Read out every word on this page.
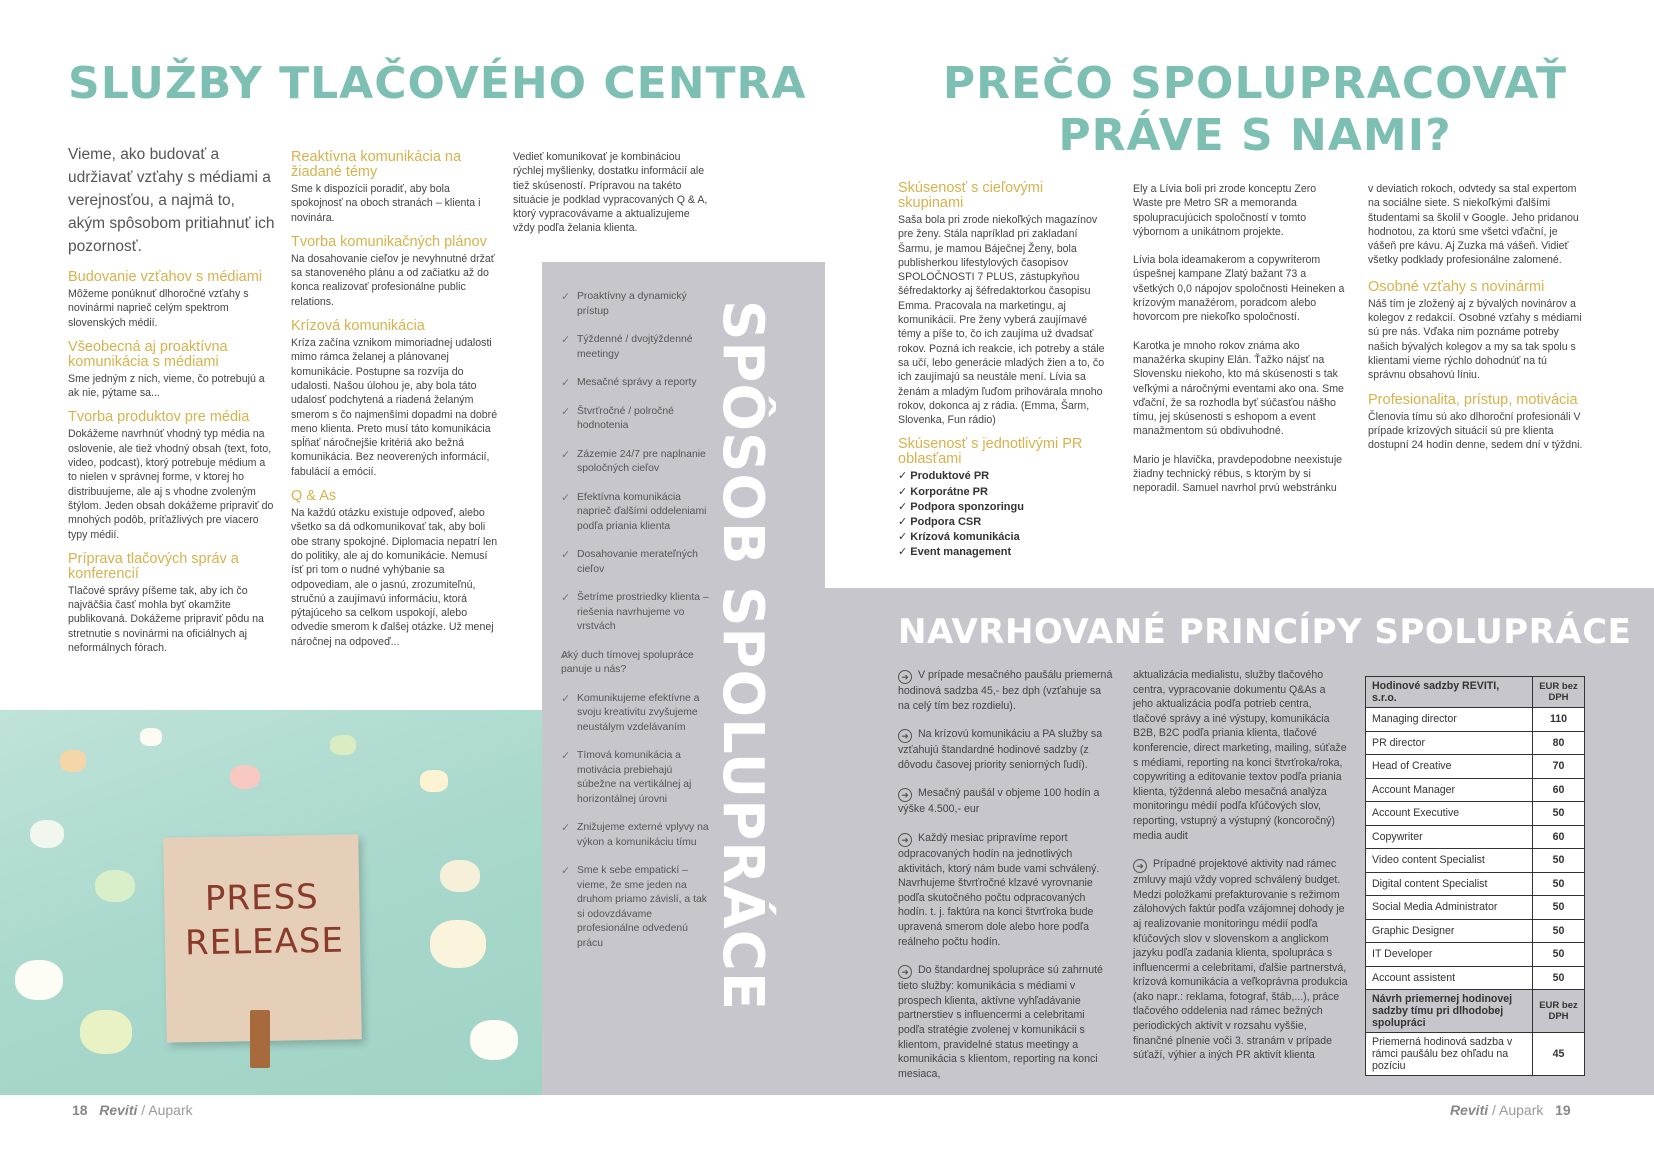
SLUŽBY TLAČOVÉHO CENTRA
Vieme, ako budovať a udržiavať vzťahy s médiami a verejnosťou, a najmä to, akým spôsobom pritiahnuť ich pozornosť.
Budovanie vzťahov s médiami

Môžeme ponúknuť dlhoročné vzťahy s novinármi naprieč celým spektrom slovenských médií.

Všeobecná aj proaktívna komunikácia s médiami

Sme jedným z nich, vieme, čo potrebujú a ak nie, pýtame sa...

Tvorba produktov pre média

Dokážeme navrhnúť vhodný typ média na oslovenie, ale tiež vhodný obsah (text, foto, video, podcast), ktorý potrebuje médium a to nielen v správnej forme, v ktorej ho distribuujeme, ale aj s vhodne zvoleným štýlom. Jeden obsah dokážeme pripraviť do mnohých podôb, príťažlivých pre viacero typy médií.

Príprava tlačových správ a konferencií

Tlačové správy píšeme tak, aby ich čo najväčšia časť mohla byť okamžite publikovaná. Dokážeme pripraviť pôdu na stretnutie s novinármi na oficiálnych aj neformálnych fórach.

Reaktívna komunikácia na žiadané témy

Sme k dispozícii poradiť, aby bola spokojnosť na oboch stranách – klienta i novinára.

Tvorba komunikačných plánov

Na dosahovanie cieľov je nevyhnutné držať sa stanoveného plánu a od začiatku až do konca realizovať profesionálne public relations.

Krízová komunikácia

Kríza začína vznikom mimoriadnej udalosti mimo rámca želanej a plánovanej komunikácie. Postupne sa rozvíja do udalosti. Našou úlohou je, aby bola táto udalosť podchytená a riadená želaným smerom s čo najmenšími dopadmi na dobré meno klienta. Preto musí táto komunikácia spĺňať náročnejšie kritériá ako bežná komunikácia. Bez neoverených informácií, fabulácií a emócií.

Q & As

Na každú otázku existuje odpoveď, alebo všetko sa dá odkomunikovať tak, aby boli obe strany spokojné. Diplomacia nepatrí len do politiky, ale aj do komunikácie. Nemusí ísť pri tom o nudné vyhýbanie sa odpovediam, ale o jasnú, zrozumiteľnú, stručnú a zaujímavú informáciu, ktorá pýtajúceho sa celkom uspokojí, alebo odvedie smerom k ďalšej otázke. Už menej náročnej na odpoveď...

Vedieť komunikovať je kombináciou rýchlej myšlienky, dostatku informácií ale tiež skúseností. Prípravou na takéto situácie je podklad vypracovaných Q & A, ktorý vypracovávame a aktualizujeme vždy podľa želania klienta.
PRESS RELEASE
✓ Proaktívny a dynamický prístup
✓ Týždenné / dvojtýždenné meetingy
✓ Mesačné správy a reporty
✓ Štvrťročné / polročné hodnotenia
✓ Zázemie 24/7 pre naplnanie spoločných cieľov
✓ Efektívna komunikácia naprieč ďalšími oddeleniami podľa priania klienta
✓ Dosahovanie merateľných cieľov
✓ Šetríme prostriedky klienta – riešenia navrhujeme vo vrstvách
✓ Aký duch tímovej spolupráce panuje u nás?
✓ Komunikujeme efektívne a svoju kreativitu zvyšujeme neustálym vzdelávaním
✓ Tímová komunikácia a motivácia prebiehajú súbežne na vertikálnej aj horizontálnej úrovni
✓ Znižujeme externé vplyvy na výkon a komunikáciu tímu
✓ Sme k sebe empatickí – vieme, že sme jeden na druhom priamo závislí, a tak si odovzdávame profesionálne odvedenú prácu	SPÔSOB SPOLUPRÁCE
18 Reviti / Aupark
PREČO SPOLUPRACOVAŤ
PRÁVE S NAMI?
Skúsenosť s cieľovými skupinami

Saša bola pri zrode niekoľkých magazínov pre ženy. Stála napríklad pri zakladaní Šarmu, je mamou Báječnej Ženy, bola publisherkou lifestylových časopisov SPOLOČNOSTI 7 PLUS, zástupkyňou šéfredaktorky aj šéfredaktorkou časopisu Emma. Pracovala na marketingu, aj komunikácii. Pre ženy vyberá zaujímavé témy a píše to, čo ich zaujíma už dvadsať rokov. Pozná ich reakcie, ich potreby a stále sa učí, lebo generácie mladých žien a to, čo ich zaujímajú sa neustále mení. Lívia sa ženám a mladým ľuďom prihovárala mnoho rokov, dokonca aj z rádia. (Emma, Šarm, Slovenka, Fun rádio)

Skúsenosť s jednotlivými PR oblasťami
✓ Produktové PR
✓ Korporátne PR
✓ Podpora sponzoringu
✓ Podpora CSR
✓ Krízová komunikácia
✓ Event management

Ely a Lívia boli pri zrode konceptu Zero Waste pre Metro SR a memoranda spolupracujúcich spoločností v tomto výbornom a unikátnom projekte.

Lívia bola ideamakerom a copywriterom úspešnej kampane Zlatý bažant 73 a všetkých 0,0 nápojov spoločnosti Heineken a krízovým manažérom, poradcom alebo hovorcom pre niekoľko spoločností.

Karotka je mnoho rokov známa ako manažérka skupiny Elán. Ťažko nájsť na Slovensku niekoho, kto má skúsenosti s tak veľkými a náročnými eventami ako ona. Sme vďační, že sa rozhodla byť súčasťou nášho tímu, jej skúsenosti s eshopom a event manažmentom sú obdivuhodné.

Mario je hlavička, pravdepodobne neexistuje žiadny technický rébus, s ktorým by si neporadil. Samuel navrhol prvú webstránku

v deviatich rokoch, odvtedy sa stal expertom na sociálne siete. S niekoľkými ďalšími študentami sa školil v Google. Jeho pridanou hodnotou, za ktorú sme všetci vďační, je vášeň pre kávu. Aj Zuzka má vášeň. Vidieť všetky podklady profesionálne zalomené.

Osobné vzťahy s novinármi

Náš tím je zložený aj z bývalých novinárov a kolegov z redakcií. Osobné vzťahy s médiami sú pre nás. Vďaka nim poznáme potreby našich bývalých kolegov a my sa tak spolu s klientami vieme rýchlo dohodnúť na tú správnu obsahovú líniu.

Profesionalita, prístup, motivácia

Členovia tímu sú ako dlhoroční profesionáli V prípade krízových situácií sú pre klienta dostupní 24 hodín denne, sedem dní v týždni.

NAVRHOVANÉ PRINCÍPY SPOLUPRÁCE
➜ V prípade mesačného paušálu priemerná hodinová sadzba 45,- bez dph (vzťahuje sa na celý tím bez rozdielu).
➜ Na krízovú komunikáciu a PA služby sa vzťahujú štandardné hodinové sadzby (z dôvodu časovej priority seniorných ľudí).
➜ Mesačný paušál v objeme 100 hodín a výške 4.500,- eur
➜ Každý mesiac pripravíme report odpracovaných hodín na jednotlivých aktivitách, ktorý nám bude vami schválený. Navrhujeme štvrťročné klzavé vyrovnanie podľa skutočného počtu odpracovaných hodín. t. j. faktúra na konci štvrťroka bude upravená smerom dole alebo hore podľa reálneho počtu hodín.
➜ Do štandardnej spolupráce sú zahrnuté tieto služby: komunikácia s médiami v prospech klienta, aktívne vyhľadávanie partnerstiev s influencermi a celebritami podľa stratégie zvolenej v komunikácii s klientom, pravidelné status meetingy a komunikácia s klientom, reporting na konci mesiaca,
aktualizácia medialistu, služby tlačového centra, vypracovanie dokumentu Q&As a jeho aktualizácia podľa potrieb centra, tlačové správy a iné výstupy, komunikácia B2B, B2C podľa priania klienta, tlačové konferencie, direct marketing, mailing, súťaže s médiami, reporting na konci štvrťroka/roka, copywriting a editovanie textov podľa priania klienta, týždenná alebo mesačná analýza monitoringu médií podľa kľúčových slov, reporting, vstupný a výstupný (koncoročný) media audit
➜ Prípadné projektové aktivity nad rámec zmluvy majú vždy vopred schválený budget. Medzi položkami prefakturovanie s režimom zálohových faktúr podľa vzájomnej dohody je aj realizovanie monitoringu médií podľa kľúčových slov v slovenskom a anglickom jazyku podľa zadania klienta, spolupráca s influencermi a celebritami, ďalšie partnerstvá, krízová komunikácia a veľkoprávna produkcia (ako napr.: reklama, fotograf, štáb,...), práce tlačového oddelenia nad rámec bežných periodických aktivít v rozsahu vyššie, finančné plnenie voči 3. stranám v prípade súťaží, výhier a iných PR aktivít klienta
Hodinové sadzby REVITI, s.r.o.	EUR bez DPH
Managing director	110
PR director	80
Head of Creative	70
Account Manager	60
Account Executive	50
Copywriter	60
Video content Specialist	50
Digital content Specialist	50
Social Media Administrator	50
Graphic Designer	50
IT Developer	50
Account assistent	50
Návrh priemernej hodinovej sadzby tímu pri dlhodobej spolupráci	EUR bez DPH
Priemerná hodinová sadzba v rámci paušálu bez ohľadu na pozíciu	45
Reviti / Aupark 19
